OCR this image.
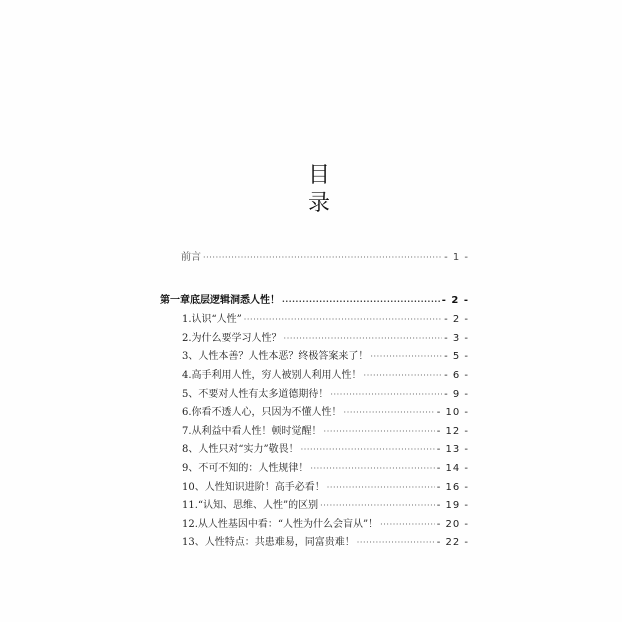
目
录
前言 ·····	- 1 -
第一章底层逻辑洞悉人性！ ·····	- 2 -
1.认识“人性” ·····	- 2 -
2.为什么要学习人性？ ·····	- 3 -
3、人性本善？人性本恶？终极答案来了！ ·····	- 5 -
4.高手利用人性，穷人被别人利用人性！ ·····	- 6 -
5、不要对人性有太多道德期待！ ·····	- 9 -
6.你看不透人心，只因为不懂人性！ ·····	- 10 -
7.从利益中看人性！顿时觉醒！ ·····	- 12 -
8、人性只对“实力”敬畏！ ·····	- 13 -
9、不可不知的：人性规律！ ·····	- 14 -
10、人性知识进阶！高手必看！ ·····	- 16 -
11.“认知、思维、人性”的区别 ·····	- 19 -
12.从人性基因中看：“人性为什么会盲从”！ ·····	- 20 -
13、人性特点：共患难易，同富贵难！ ·····	- 22 -
